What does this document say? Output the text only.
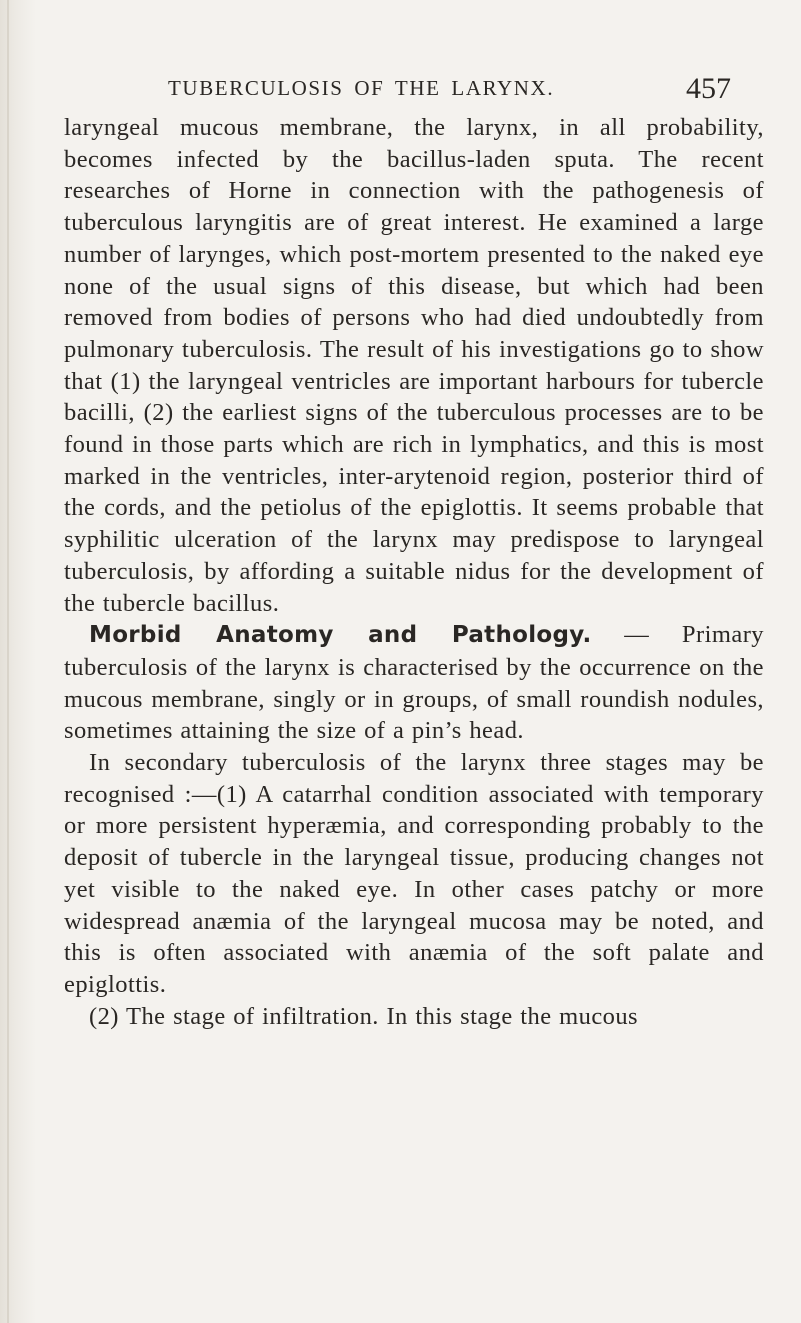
TUBERCULOSIS OF THE LARYNX.	457

laryngeal mucous membrane, the larynx, in all probability, becomes infected by the bacillus-laden sputa. The recent researches of Horne in connection with the pathogenesis of tuberculous laryngitis are of great interest. He examined a large number of larynges, which post-mortem presented to the naked eye none of the usual signs of this disease, but which had been removed from bodies of persons who had died undoubtedly from pulmonary tuberculosis. The result of his investigations go to show that (1) the laryngeal ventricles are important harbours for tubercle bacilli, (2) the earliest signs of the tuberculous processes are to be found in those parts which are rich in lymphatics, and this is most marked in the ventricles, inter-arytenoid region, posterior third of the cords, and the petiolus of the epiglottis. It seems probable that syphilitic ulceration of the larynx may predispose to laryngeal tuberculosis, by affording a suitable nidus for the development of the tubercle bacillus.

Morbid Anatomy and Pathology. — Primary tuberculosis of the larynx is characterised by the occurrence on the mucous membrane, singly or in groups, of small roundish nodules, sometimes attaining the size of a pin’s head.

In secondary tuberculosis of the larynx three stages may be recognised :—(1) A catarrhal condition associated with temporary or more persistent hyperæmia, and corresponding probably to the deposit of tubercle in the laryngeal tissue, producing changes not yet visible to the naked eye. In other cases patchy or more widespread anæmia of the laryngeal mucosa may be noted, and this is often associated with anæmia of the soft palate and epiglottis.

(2) The stage of infiltration. In this stage the mucous
